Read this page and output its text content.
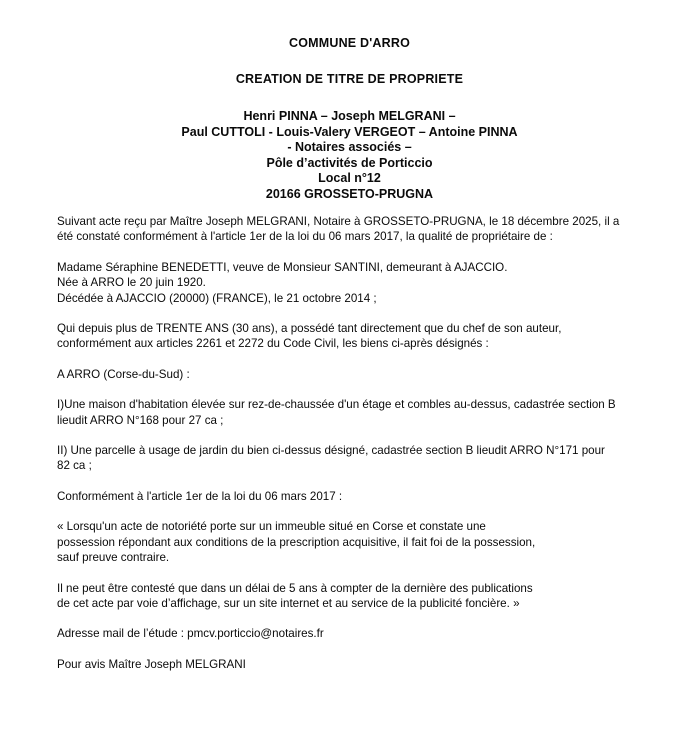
COMMUNE D'ARRO
CREATION DE TITRE DE PROPRIETE
Henri PINNA – Joseph MELGRANI –
Paul CUTTOLI - Louis-Valery VERGEOT – Antoine PINNA
- Notaires associés –
Pôle d’activités de Porticcio
Local n°12
20166 GROSSETO-PRUGNA

Suivant acte reçu par Maître Joseph MELGRANI, Notaire à GROSSETO-PRUGNA, le 18 décembre 2025, il a
été constaté conformément à l'article 1er de la loi du 06 mars 2017, la qualité de propriétaire de :

Madame Séraphine BENEDETTI, veuve de Monsieur SANTINI, demeurant à AJACCIO.
Née à ARRO le 20 juin 1920.
Décédée à AJACCIO (20000) (FRANCE), le 21 octobre 2014 ;

Qui depuis plus de TRENTE ANS (30 ans), a possédé tant directement que du chef de son auteur,
conformément aux articles 2261 et 2272 du Code Civil, les biens ci-après désignés :

A ARRO (Corse-du-Sud) :

I)Une maison d'habitation élevée sur rez-de-chaussée d'un étage et combles au-dessus, cadastrée section B
lieudit ARRO N°168 pour 27 ca ;

II) Une parcelle à usage de jardin du bien ci-dessus désigné, cadastrée section B lieudit ARRO N°171 pour
82 ca ;

Conformément à l'article 1er de la loi du 06 mars 2017 :

« Lorsqu'un acte de notoriété porte sur un immeuble situé en Corse et constate une
possession répondant aux conditions de la prescription acquisitive, il fait foi de la possession,
sauf preuve contraire.

Il ne peut être contesté que dans un délai de 5 ans à compter de la dernière des publications
de cet acte par voie d’affichage, sur un site internet et au service de la publicité foncière. »

Adresse mail de l’étude : pmcv.porticcio@notaires.fr

Pour avis Maître Joseph MELGRANI
